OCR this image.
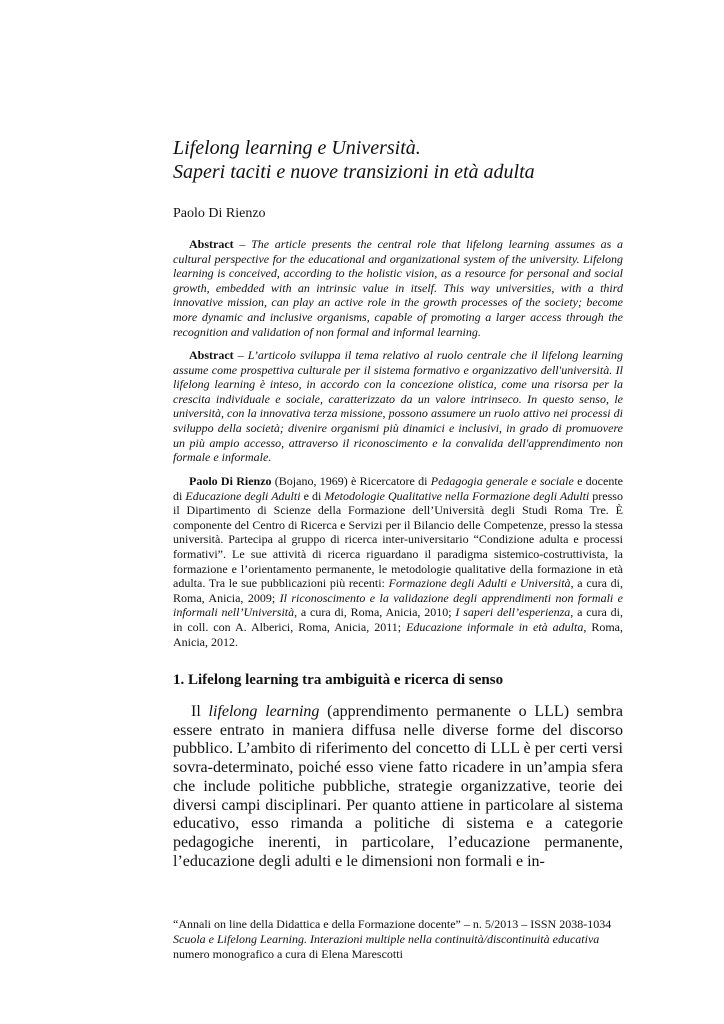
Lifelong learning e Università.
Saperi taciti e nuove transizioni in età adulta
Paolo Di Rienzo

Abstract – The article presents the central role that lifelong learning assumes as a cultural perspective for the educational and organizational system of the university. Lifelong learning is conceived, according to the holistic vision, as a resource for personal and social growth, embedded with an intrinsic value in itself. This way universities, with a third innovative mission, can play an active role in the growth processes of the society; become more dynamic and inclusive organisms, capable of promoting a larger access through the recognition and validation of non formal and informal learning.

Abstract – L’articolo sviluppa il tema relativo al ruolo centrale che il lifelong learning assume come prospettiva culturale per il sistema formativo e organizzativo dell'università. Il lifelong learning è inteso, in accordo con la concezione olistica, come una risorsa per la crescita individuale e sociale, caratterizzato da un valore intrinseco. In questo senso, le università, con la innovativa terza missione, possono assumere un ruolo attivo nei processi di sviluppo della società; divenire organismi più dinamici e inclusivi, in grado di promuovere un più ampio accesso, attraverso il riconoscimento e la convalida dell'apprendimento non formale e informale.

Paolo Di Rienzo (Bojano, 1969) è Ricercatore di Pedagogia generale e sociale e docente di Educazione degli Adulti e di Metodologie Qualitative nella Formazione degli Adulti presso il Dipartimento di Scienze della Formazione dell’Università degli Studi Roma Tre. È componente del Centro di Ricerca e Servizi per il Bilancio delle Competenze, presso la stessa università. Partecipa al gruppo di ricerca inter-universitario “Condizione adulta e processi formativi”. Le sue attività di ricerca riguardano il paradigma sistemico-costruttivista, la formazione e l’orientamento permanente, le metodologie qualitative della formazione in età adulta. Tra le sue pubblicazioni più recenti: Formazione degli Adulti e Università, a cura di, Roma, Anicia, 2009; Il riconoscimento e la validazione degli apprendimenti non formali e informali nell’Università, a cura di, Roma, Anicia, 2010; I saperi dell’esperienza, a cura di, in coll. con A. Alberici, Roma, Anicia, 2011; Educazione informale in età adulta, Roma, Anicia, 2012.

1. Lifelong learning tra ambiguità e ricerca di senso

Il lifelong learning (apprendimento permanente o LLL) sembra essere entrato in maniera diffusa nelle diverse forme del discorso pubblico. L’ambito di riferimento del concetto di LLL è per certi versi sovra-determinato, poiché esso viene fatto ricadere in un’ampia sfera che include politiche pubbliche, strategie organizzative, teorie dei diversi campi disciplinari. Per quanto attiene in particolare al sistema educativo, esso rimanda a politiche di sistema e a categorie pedagogiche inerenti, in particolare, l’educazione permanente, l’educazione degli adulti e le dimensioni non formali e in-

“Annali on line della Didattica e della Formazione docente” – n. 5/2013 – ISSN 2038-1034
Scuola e Lifelong Learning. Interazioni multiple nella continuità/discontinuità educativa
numero monografico a cura di Elena Marescotti
